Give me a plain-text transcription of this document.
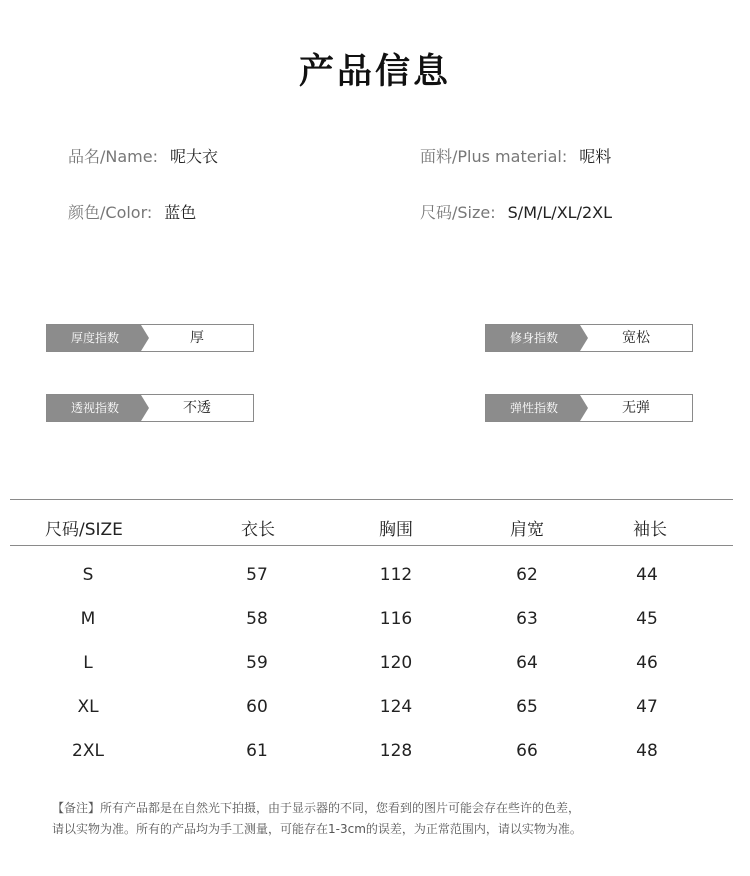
产品信息
品名/Name: 呢大衣	面料/Plus material: 呢料
颜色/Color: 蓝色	尺码/Size: S/M/L/XL/2XL
厚度指数	厚	修身指数	宽松
透视指数	不透	弹性指数	无弹
尺码/SIZE	衣长	胸围	肩宽	袖长
S	57	112	62	44
M	58	116	63	45
L	59	120	64	46
XL	60	124	65	47
2XL	61	128	66	48
【备注】所有产品都是在自然光下拍摄，由于显示器的不同，您看到的图片可能会存在些许的色差，
请以实物为准。所有的产品均为手工测量，可能存在1-3cm的误差，为正常范围内，请以实物为准。
